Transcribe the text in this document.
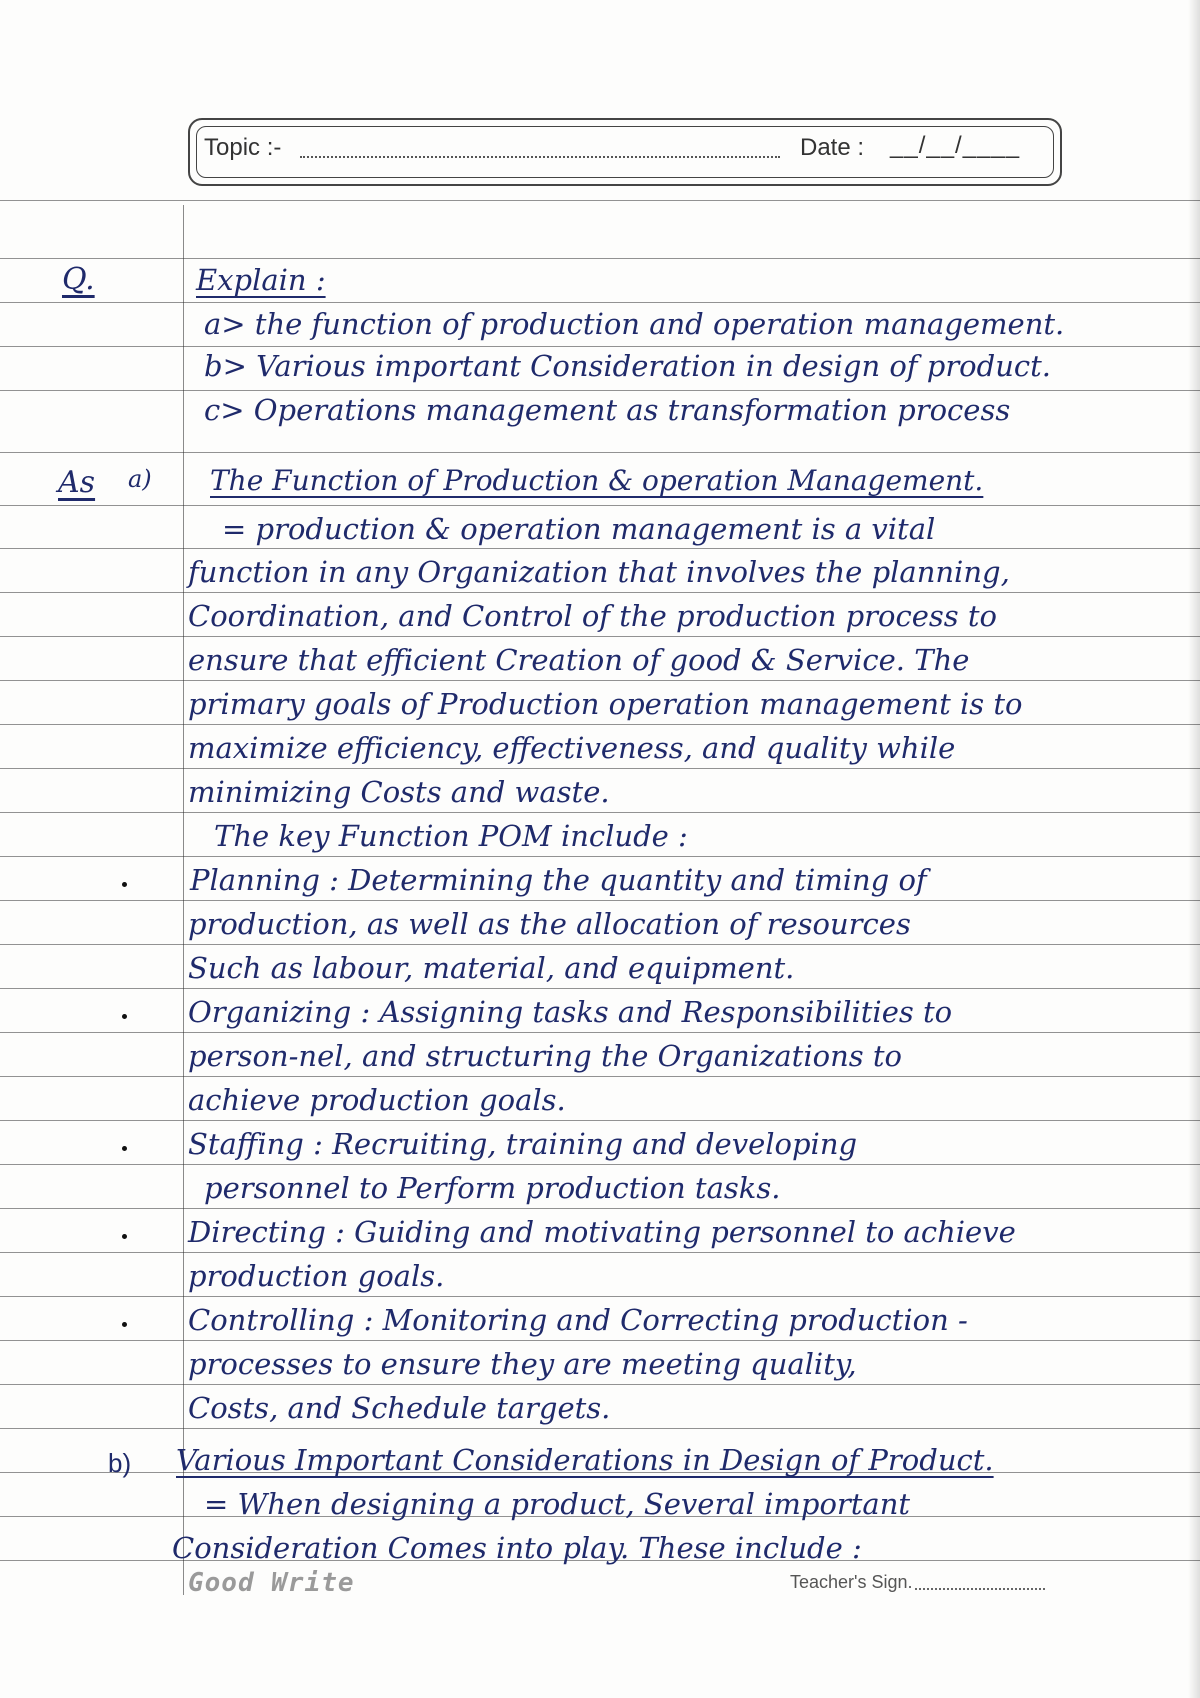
Topic :-	Date : __/__/____
Q.	Explain :
a> the function of production and operation management.
b> Various important Consideration in design of product.
c> Operations management as transformation process
As a) The Function of Production & operation Management.
= production & operation management is a vital
function in any Organization that involves the planning,
Coordination, and Control of the production process to
ensure that efficient Creation of good & Service. The
primary goals of Production operation management is to
maximize efficiency, effectiveness, and quality while
minimizing Costs and waste.
The key Function POM include :
Planning : Determining the quantity and timing of
production, as well as the allocation of resources
Such as labour, material, and equipment.
Organizing : Assigning tasks and Responsibilities to
person-nel, and structuring the Organizations to
achieve production goals.
Staffing : Recruiting, training and developing
personnel to Perform production tasks.
Directing : Guiding and motivating personnel to achieve
production goals.
Controlling : Monitoring and Correcting production -
processes to ensure they are meeting quality,
Costs, and Schedule targets.
b) Various Important Considerations in Design of Product.
= When designing a product, Several important
Consideration Comes into play. These include :
Good Write	Teacher's Sign.
